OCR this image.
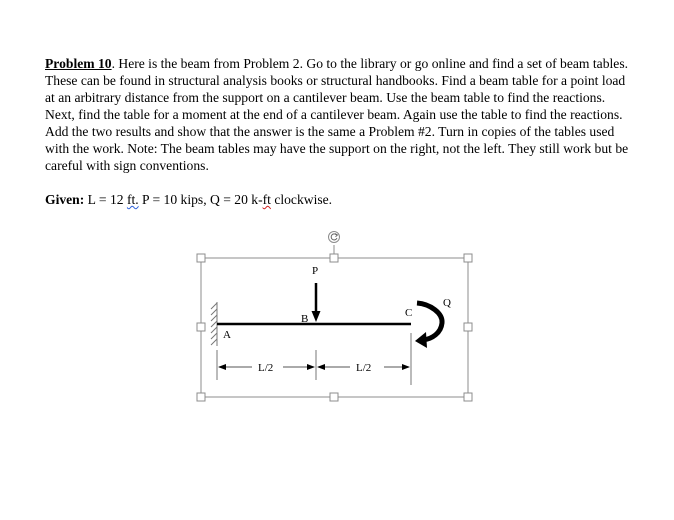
Problem 10. Here is the beam from Problem 2. Go to the library or go online and find a set of beam tables. These can be found in structural analysis books or structural handbooks. Find a beam table for a point load at an arbitrary distance from the support on a cantilever beam. Use the beam table to find the reactions. Next, find the table for a moment at the end of a cantilever beam. Again use the table to find the reactions. Add the two results and show that the answer is the same a Problem #2. Turn in copies of the tables used with the work. Note: The beam tables may have the support on the right, not the left. They still work but be careful with sign conventions.
Given: L = 12 ft. P = 10 kips, Q = 20 k-ft clockwise.
P
Q
A
B	C
L/2	L/2
